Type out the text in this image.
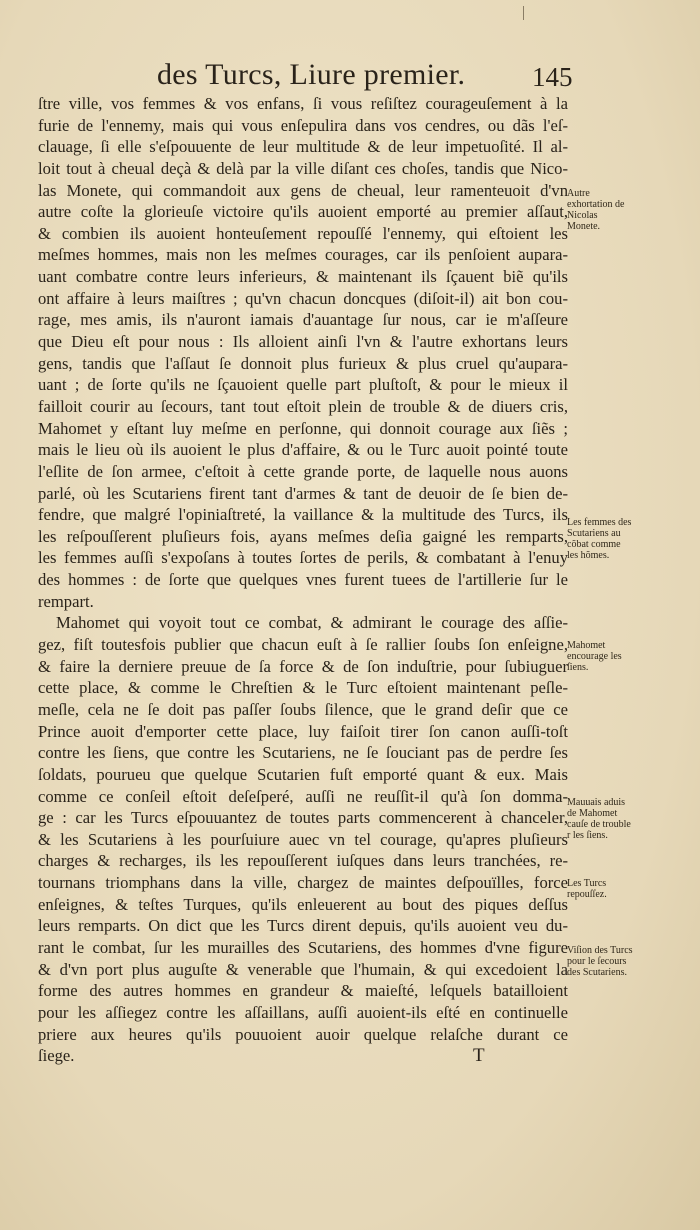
des Turcs, Liure premier. 145
ſtre ville, vos femmes & vos enfans, ſi vous reſiſtez courageuſement à la
furie de l'ennemy, mais qui vous enſepulira dans vos cendres, ou dãs l'eſ-
clauage, ſi elle s'eſpouuente de leur multitude & de leur impetuoſité. Il al-
loit tout à cheual deçà & delà par la ville diſant ces choſes, tandis que Nico-
las Monete, qui commandoit aux gens de cheual, leur ramenteuoit d'vn
autre coſte la glorieuſe victoire qu'ils auoient emporté au premier aſſaut,
& combien ils auoient honteuſement repouſſé l'ennemy, qui eſtoient les
meſmes hommes, mais non les meſmes courages, car ils penſoient aupara-
uant combatre contre leurs inferieurs, & maintenant ils ſçauent biẽ qu'ils
ont affaire à leurs maiſtres ; qu'vn chacun doncques (diſoit-il) ait bon cou-
rage, mes amis, ils n'auront iamais d'auantage ſur nous, car ie m'aſſeure
que Dieu eſt pour nous : Ils alloient ainſi l'vn & l'autre exhortans leurs
gens, tandis que l'aſſaut ſe donnoit plus furieux & plus cruel qu'aupara-
uant ; de ſorte qu'ils ne ſçauoient quelle part pluſtoſt, & pour le mieux il
failloit courir au ſecours, tant tout eſtoit plein de trouble & de diuers cris,
Mahomet y eſtant luy meſme en perſonne, qui donnoit courage aux ſiẽs ;
mais le lieu où ils auoient le plus d'affaire, & ou le Turc auoit pointé toute
l'eſlite de ſon armee, c'eſtoit à cette grande porte, de laquelle nous auons
parlé, où les Scutariens firent tant d'armes & tant de deuoir de ſe bien de-
fendre, que malgré l'opiniaſtreté, la vaillance & la multitude des Turcs, ils
les reſpouſſerent pluſieurs fois, ayans meſmes deſia gaigné les remparts,
les femmes auſſi s'expoſans à toutes ſortes de perils, & combatant à l'enuy
des hommes : de ſorte que quelques vnes furent tuees de l'artillerie ſur le
rempart.
Mahomet qui voyoit tout ce combat, & admirant le courage des aſſie-
gez, fiſt toutesfois publier que chacun euſt à ſe rallier ſoubs ſon enſeigne,
& faire la derniere preuue de ſa force & de ſon induſtrie, pour ſubiuguer
cette place, & comme le Chreſtien & le Turc eſtoient maintenant peſle-
meſle, cela ne ſe doit pas paſſer ſoubs ſilence, que le grand deſir que ce
Prince auoit d'emporter cette place, luy faiſoit tirer ſon canon auſſi-toſt
contre les ſiens, que contre les Scutariens, ne ſe ſouciant pas de perdre ſes
ſoldats, pourueu que quelque Scutarien fuſt emporté quant & eux. Mais
comme ce conſeil eſtoit deſeſperé, auſſi ne reuſſit-il qu'à ſon domma-
ge : car les Turcs eſpouuantez de toutes parts commencerent à chanceler,
& les Scutariens à les pourſuiure auec vn tel courage, qu'apres pluſieurs
charges & recharges, ils les repouſſerent iuſques dans leurs tranchées, re-
tournans triomphans dans la ville, chargez de maintes deſpouïlles, force
enſeignes, & teſtes Turques, qu'ils enleuerent au bout des piques deſſus
leurs remparts. On dict que les Turcs dirent depuis, qu'ils auoient veu du-
rant le combat, ſur les murailles des Scutariens, des hommes d'vne figure
& d'vn port plus auguſte & venerable que l'humain, & qui excedoient la
forme des autres hommes en grandeur & maieſté, leſquels bataillоient
pour les aſſiegez contre les aſſaillans, auſſi auoient-ils eſté en continuelle
priere aux heures qu'ils pouuoient auoir quelque relaſche durant ce
ſiege.
Autre exhortation de Nicolas Monete.
Les femmes des Scutariens au cõbat comme les hõmes.
Mahomet encourage les ſiens.
Mauuais aduis de Mahomet cauſe de trouble r les ſiens.
Les Turcs repouſſez.
Viſion des Turcs pour le ſecours des Scutariens.
T
